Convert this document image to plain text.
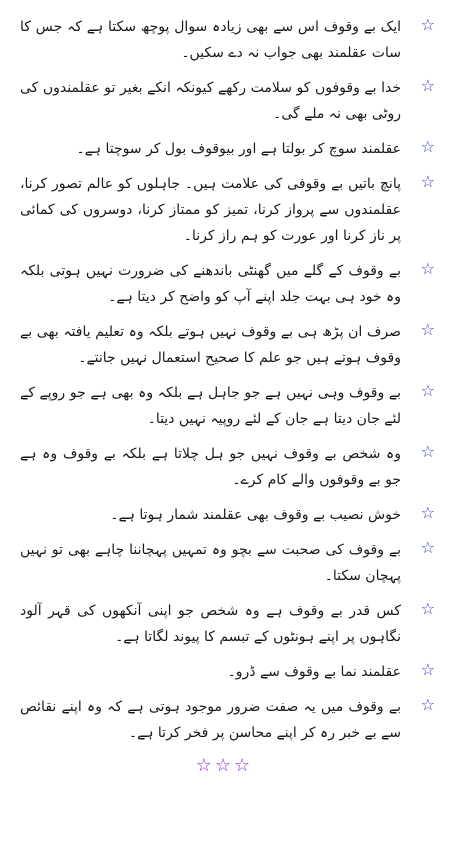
☆
ایک بے وقوف اس سے بھی زیادہ سوال پوچھ سکتا ہے کہ جس کا سات عقلمند بھی جواب نہ دے سکیں۔
☆
خدا بے وقوفوں کو سلامت رکھے کیونکہ انکے بغیر تو عقلمندوں کی روٹی بھی نہ ملے گی۔
☆
عقلمند سوچ کر بولتا ہے اور بیوقوف بول کر سوچتا ہے۔
☆
پانچ باتیں بے وقوفی کی علامت ہیں۔ جاہلوں کو عالم تصور کرنا، عقلمندوں سے پرواز کرنا، تمیز کو ممتاز کرنا، دوسروں کی کمائی پر ناز کرنا اور عورت کو ہم راز کرنا۔
☆
بے وقوف کے گلے میں گھنٹی باندھنے کی ضرورت نہیں ہوتی بلکہ وہ خود ہی بہت جلد اپنے آپ کو واضح کر دیتا ہے۔
☆
صرف ان پڑھ ہی بے وقوف نہیں ہوتے بلکہ وہ تعلیم یافتہ بھی بے وقوف ہوتے ہیں جو علم کا صحیح استعمال نہیں جانتے۔
☆
بے وقوف وہی نہیں ہے جو جاہل ہے بلکہ وہ بھی ہے جو روپے کے لئے جان دیتا ہے جان کے لئے روپیہ نہیں دیتا۔
☆
وہ شخص بے وقوف نہیں جو ہل چلاتا ہے بلکہ بے وقوف وہ ہے جو بے وقوفوں والے کام کرے۔
☆
خوش نصیب بے وقوف بھی عقلمند شمار ہوتا ہے۔
☆
بے وقوف کی صحبت سے بچو وہ تمہیں پہچاننا چاہے بھی تو نہیں پہچان سکتا۔
☆
کس قدر بے وقوف ہے وہ شخص جو اپنی آنکھوں کی قہر آلود نگاہوں پر اپنے ہونٹوں کے تبسم کا پیوند لگاتا ہے۔
☆
عقلمند نما بے وقوف سے ڈرو۔
☆
بے وقوف میں یہ صفت ضرور موجود ہوتی ہے کہ وہ اپنے نقائص سے بے خبر رہ کر اپنے محاسن پر فخر کرتا ہے۔
☆☆☆
